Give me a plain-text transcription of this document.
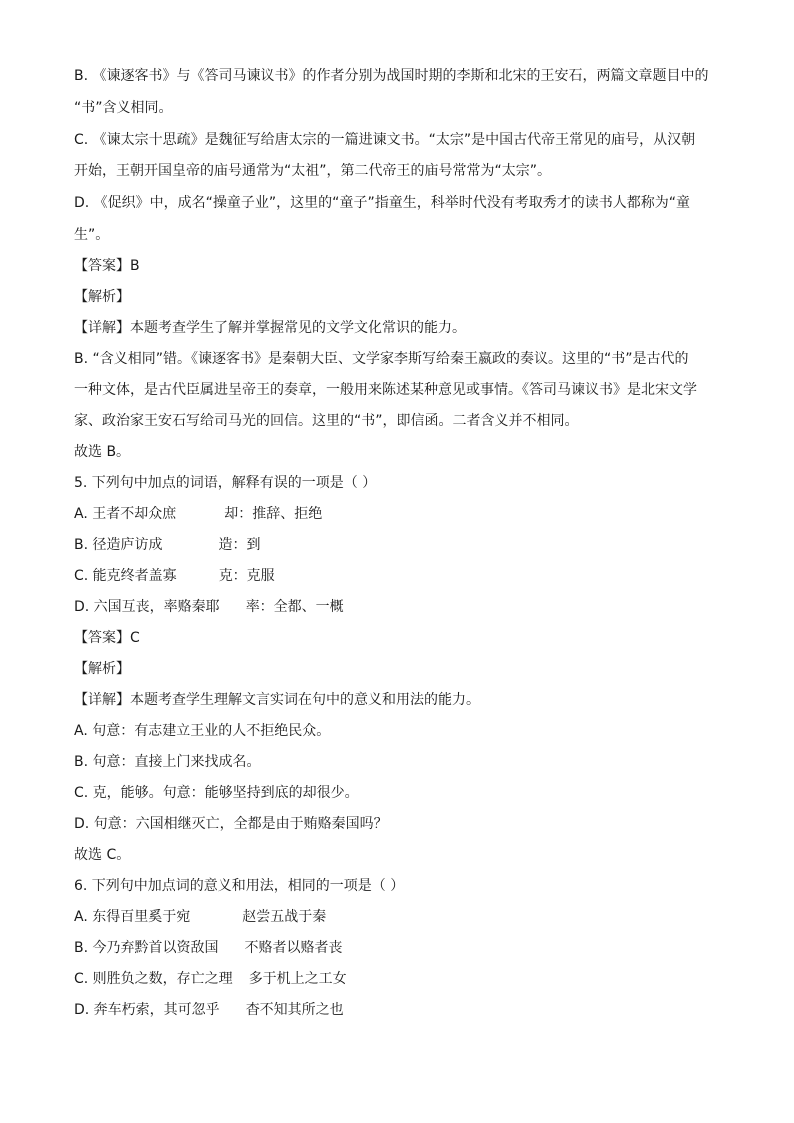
B. 《谏逐客书》与《答司马谏议书》的作者分别为战国时期的李斯和北宋的王安石，两篇文章题目中的
“书”含义相同。
C. 《谏太宗十思疏》是魏征写给唐太宗的一篇进谏文书。“太宗”是中国古代帝王常见的庙号，从汉朝
开始，王朝开国皇帝的庙号通常为“太祖”，第二代帝王的庙号常常为“太宗”。
D. 《促织》中，成名“操童子业”，这里的“童子”指童生，科举时代没有考取秀才的读书人都称为“童
生”。
【答案】B
【解析】
【详解】本题考查学生了解并掌握常见的文学文化常识的能力。
B. “含义相同”错。《谏逐客书》是秦朝大臣、文学家李斯写给秦王嬴政的奏议。这里的“书”是古代的
一种文体，是古代臣属进呈帝王的奏章，一般用来陈述某种意见或事情。《答司马谏议书》是北宋文学
家、政治家王安石写给司马光的回信。这里的“书”，即信函。二者含义并不相同。
故选 B。
5. 下列句中加点的词语，解释有误的一项是（ ）
A. 王者不却众庶	却：推辞、拒绝
B. 径造庐访成	造：到
C. 能克终者盖寡	克：克服
D. 六国互丧，率赂秦耶 率：全都、一概
【答案】C
【解析】
【详解】本题考查学生理解文言实词在句中的意义和用法的能力。
A. 句意：有志建立王业的人不拒绝民众。
B. 句意：直接上门来找成名。
C. 克，能够。句意：能够坚持到底的却很少。
D. 句意：六国相继灭亡，全都是由于贿赂秦国吗？
故选 C。
6. 下列句中加点词的意义和用法，相同的一项是（ ）
A. 东得百里奚于宛	赵尝五战于秦
B. 今乃弃黔首以资敌国 不赂者以赂者丧
C. 则胜负之数，存亡之理 多于机上之工女
D. 奔车朽索，其可忽乎 杳不知其所之也
